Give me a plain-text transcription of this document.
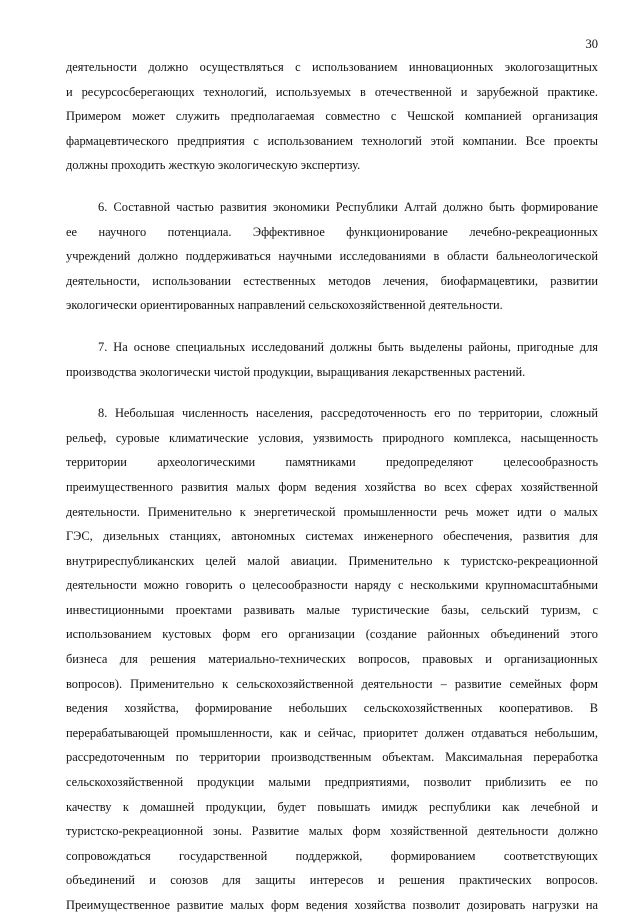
30
деятельности должно осуществляться с использованием инновационных экологозащитных
и ресурсосберегающих технологий, используемых в отечественной и зарубежной практике.
Примером может служить предполагаемая совместно с Чешской компанией организация
фармацевтического предприятия с использованием технологий этой компании. Все проекты
должны проходить жесткую экологическую экспертизу.
6. Составной частью развития экономики Республики Алтай должно быть формирование
ее научного потенциала. Эффективное функционирование лечебно-рекреационных
учреждений должно поддерживаться научными исследованиями в области бальнеологической
деятельности, использовании естественных методов лечения, биофармацевтики, развитии
экологически ориентированных направлений сельскохозяйственной деятельности.
7. На основе специальных исследований должны быть выделены районы, пригодные для
производства экологически чистой продукции, выращивания лекарственных растений.
8. Небольшая численность населения, рассредоточенность его по территории, сложный
рельеф, суровые климатические условия, уязвимость природного комплекса, насыщенность
территории археологическими памятниками предопределяют целесообразность
преимущественного развития малых форм ведения хозяйства во всех сферах хозяйственной
деятельности. Применительно к энергетической промышленности речь может идти о малых
ГЭС, дизельных станциях, автономных системах инженерного обеспечения, развития для
внутриреспубликанских целей малой авиации. Применительно к туристско-рекреационной
деятельности можно говорить о целесообразности наряду с несколькими крупномасштабными
инвестиционными проектами развивать малые туристические базы, сельский туризм, с
использованием кустовых форм его организации (создание районных объединений этого
бизнеса для решения материально-технических вопросов, правовых и организационных
вопросов). Применительно к сельскохозяйственной деятельности – развитие семейных форм
ведения хозяйства, формирование небольших сельскохозяйственных кооперативов. В
перерабатывающей промышленности, как и сейчас, приоритет должен отдаваться небольшим,
рассредоточенным по территории производственным объектам. Максимальная переработка
сельскохозяйственной продукции малыми предприятиями, позволит приблизить ее по
качеству к домашней продукции, будет повышать имидж республики как лечебной и
туристско-рекреационной зоны. Развитие малых форм хозяйственной деятельности должно
сопровождаться государственной поддержкой, формированием соответствующих
объединений и союзов для защиты интересов и решения практических вопросов.
Преимущественное развитие малых форм ведения хозяйства позволит дозировать нагрузки на
